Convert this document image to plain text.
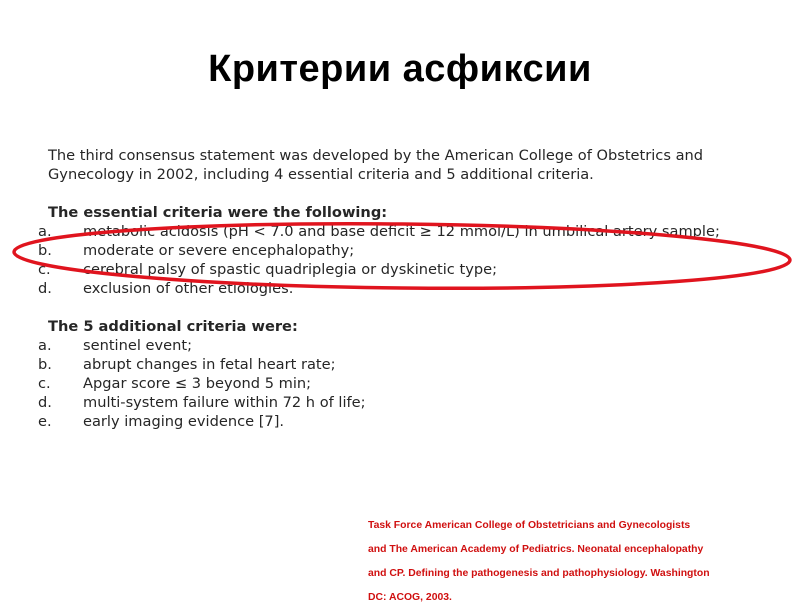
Критерии асфиксии

The third consensus statement was developed by the American College of Obstetrics and Gynecology in 2002, including 4 essential criteria and 5 additional criteria.

The essential criteria were the following:

a.	metabolic acidosis (pH < 7.0 and base deficit ≥ 12 mmol/L) in umbilical artery sample;
b.	moderate or severe encephalopathy;
c.	cerebral palsy of spastic quadriplegia or dyskinetic type;
d.	exclusion of other etiologies.

The 5 additional criteria were:

a.	sentinel event;
b.	abrupt changes in fetal heart rate;
c.	Apgar score ≤ 3 beyond 5 min;
d.	multi-system failure within 72 h of life;
e.	early imaging evidence [7].

Task Force American College of Obstetricians and Gynecologists

and The American Academy of Pediatrics. Neonatal encephalopathy

and CP. Defining the pathogenesis and pathophysiology. Washington

DC: ACOG, 2003.
